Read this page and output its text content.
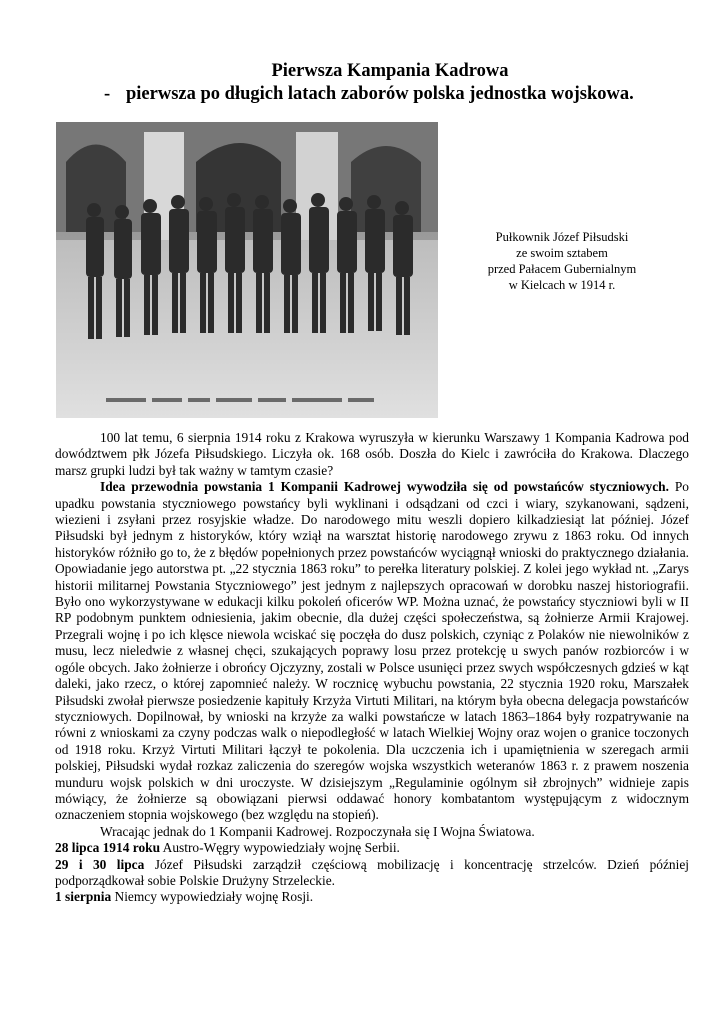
Pierwsza Kampania Kadrowa
- pierwsza po długich latach zaborów polska jednostka wojskowa.
Pułkownik Józef Piłsudski
ze swoim sztabem
przed Pałacem Gubernialnym
w Kielcach w 1914 r.

100 lat temu, 6 sierpnia 1914 roku z Krakowa wyruszyła w kierunku Warszawy 1 Kompania Kadrowa pod dowództwem płk Józefa Piłsudskiego. Liczyła ok. 168 osób. Doszła do Kielc i zawróciła do Krakowa. Dlaczego marsz grupki ludzi był tak ważny w tamtym czasie?

Idea przewodnia powstania 1 Kompanii Kadrowej wywodziła się od powstańców styczniowych. Po upadku powstania styczniowego powstańcy byli wyklinani i odsądzani od czci i wiary, szykanowani, sądzeni, wiezieni i zsyłani przez rosyjskie władze. Do narodowego mitu weszli dopiero kilkadziesiąt lat później. Józef Piłsudski był jednym z historyków, który wziął na warsztat historię narodowego zrywu z 1863 roku. Od innych historyków różniło go to, że z błędów popełnionych przez powstańców wyciągnął wnioski do praktycznego działania. Opowiadanie jego autorstwa pt. „22 stycznia 1863 roku” to perełka literatury polskiej. Z kolei jego wykład nt. „Zarys historii militarnej Powstania Styczniowego” jest jednym z najlepszych opracowań w dorobku naszej historiografii. Było ono wykorzystywane w edukacji kilku pokoleń oficerów WP. Można uznać, że powstańcy styczniowi byli w II RP podobnym punktem odniesienia, jakim obecnie, dla dużej części społeczeństwa, są żołnierze Armii Krajowej. Przegrali wojnę i po ich klęsce niewola wciskać się poczęła do dusz polskich, czyniąc z Polaków nie niewolników z musu, lecz nieledwie z własnej chęci, szukających poprawy losu przez protekcję u swych panów rozbiorców i w ogóle obcych. Jako żołnierze i obrońcy Ojczyzny, zostali w Polsce usunięci przez swych współczesnych gdzieś w kąt daleki, jako rzecz, o której zapomnieć należy. W rocznicę wybuchu powstania, 22 stycznia 1920 roku, Marszałek Piłsudski zwołał pierwsze posiedzenie kapituły Krzyża Virtuti Militari, na którym była obecna delegacja powstańców styczniowych. Dopilnował, by wnioski na krzyże za walki powstańcze w latach 1863–1864 były rozpatrywanie na równi z wnioskami za czyny podczas walk o niepodległość w latach Wielkiej Wojny oraz wojen o granice toczonych od 1918 roku. Krzyż Virtuti Militari łączył te pokolenia. Dla uczczenia ich i upamiętnienia w szeregach armii polskiej, Piłsudski wydał rozkaz zaliczenia do szeregów wojska wszystkich weteranów 1863 r. z prawem noszenia munduru wojsk polskich w dni uroczyste. W dzisiejszym „Regulaminie ogólnym sił zbrojnych” widnieje zapis mówiący, że żołnierze są obowiązani pierwsi oddawać honory kombatantom występującym z widocznym oznaczeniem stopnia wojskowego (bez względu na stopień).

Wracając jednak do 1 Kompanii Kadrowej. Rozpoczynała się I Wojna Światowa.

28 lipca 1914 roku Austro-Węgry wypowiedziały wojnę Serbii.

29 i 30 lipca Józef Piłsudski zarządził częściową mobilizację i koncentrację strzelców. Dzień później podporządkował sobie Polskie Drużyny Strzeleckie.

1 sierpnia Niemcy wypowiedziały wojnę Rosji.
